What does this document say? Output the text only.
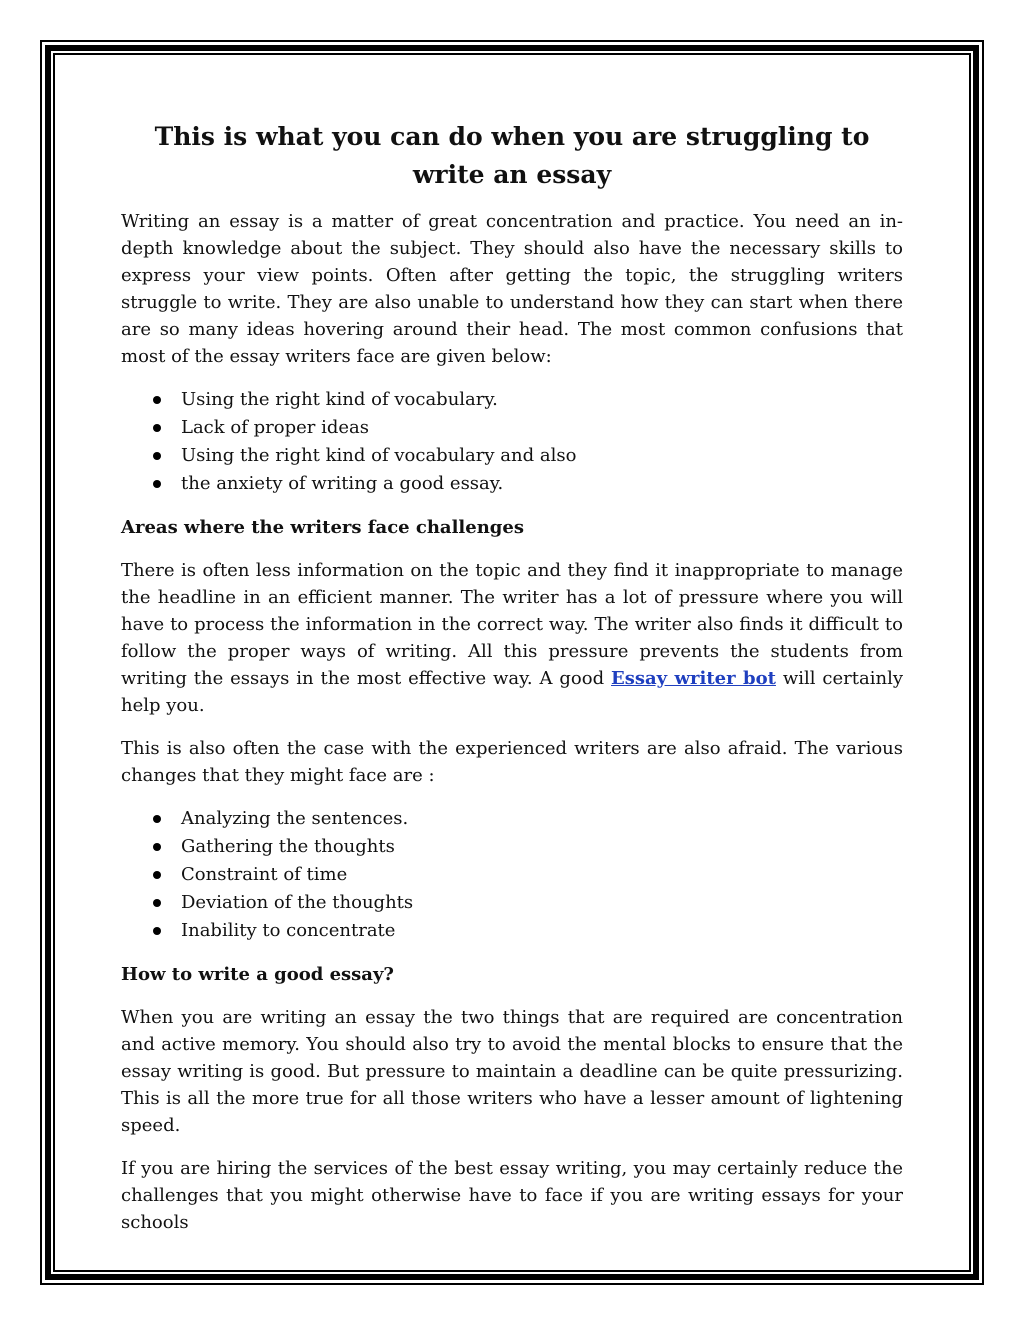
This is what you can do when you are struggling to write an essay

Writing an essay is a matter of great concentration and practice. You need an in-depth knowledge about the subject. They should also have the necessary skills to express your view points. Often after getting the topic, the struggling writers struggle to write. They are also unable to understand how they can start when there are so many ideas hovering around their head. The most common confusions that most of the essay writers face are given below:

Using the right kind of vocabulary.
Lack of proper ideas
Using the right kind of vocabulary and also
the anxiety of writing a good essay.
Areas where the writers face challenges

There is often less information on the topic and they find it inappropriate to manage the headline in an efficient manner. The writer has a lot of pressure where you will have to process the information in the correct way. The writer also finds it difficult to follow the proper ways of writing. All this pressure prevents the students from writing the essays in the most effective way. A good Essay writer bot will certainly help you.

This is also often the case with the experienced writers are also afraid. The various changes that they might face are :

Analyzing the sentences.
Gathering the thoughts
Constraint of time
Deviation of the thoughts
Inability to concentrate
How to write a good essay?

When you are writing an essay the two things that are required are concentration and active memory. You should also try to avoid the mental blocks to ensure that the essay writing is good. But pressure to maintain a deadline can be quite pressurizing. This is all the more true for all those writers who have a lesser amount of lightening speed.

If you are hiring the services of the best essay writing, you may certainly reduce the challenges that you might otherwise have to face if you are writing essays for your schools
